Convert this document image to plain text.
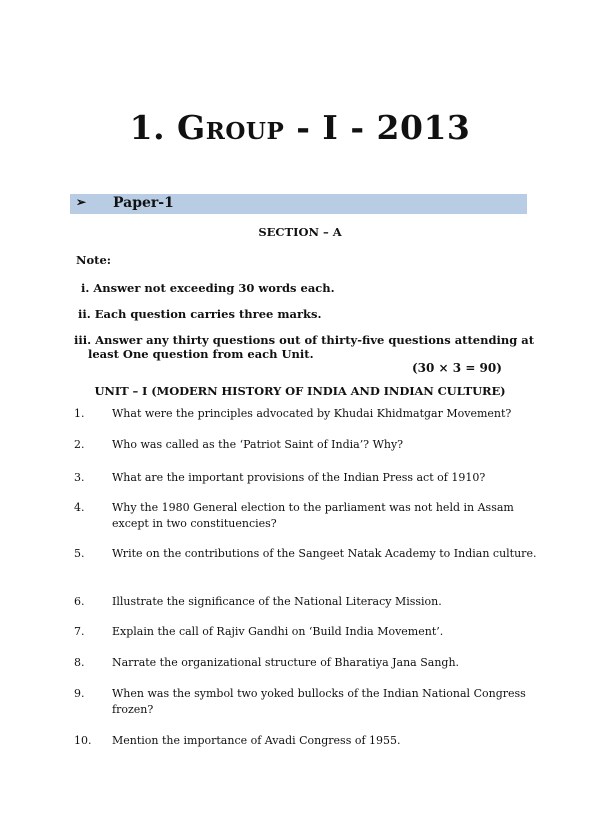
1. Group - I - 2013
➢ Paper-1
SECTION – A
Note:
i. Answer not exceeding 30 words each.
ii. Each question carries three marks.
iii. Answer any thirty questions out of thirty-five questions attending at
least One question from each Unit.
(30 × 3 = 90)
UNIT – I (MODERN HISTORY OF INDIA AND INDIAN CULTURE)
1.	What were the principles advocated by Khudai Khidmatgar Movement?
2.	Who was called as the ‘Patriot Saint of India’? Why?
3.	What are the important provisions of the Indian Press act of 1910?
4.	Why the 1980 General election to the parliament was not held in Assam except in two constituencies?
5.	Write on the contributions of the Sangeet Natak Academy to Indian culture.
6.	Illustrate the significance of the National Literacy Mission.
7.	Explain the call of Rajiv Gandhi on ‘Build India Movement’.
8.	Narrate the organizational structure of Bharatiya Jana Sangh.
9.	When was the symbol two yoked bullocks of the Indian National Congress frozen?
10. Mention the importance of Avadi Congress of 1955.
